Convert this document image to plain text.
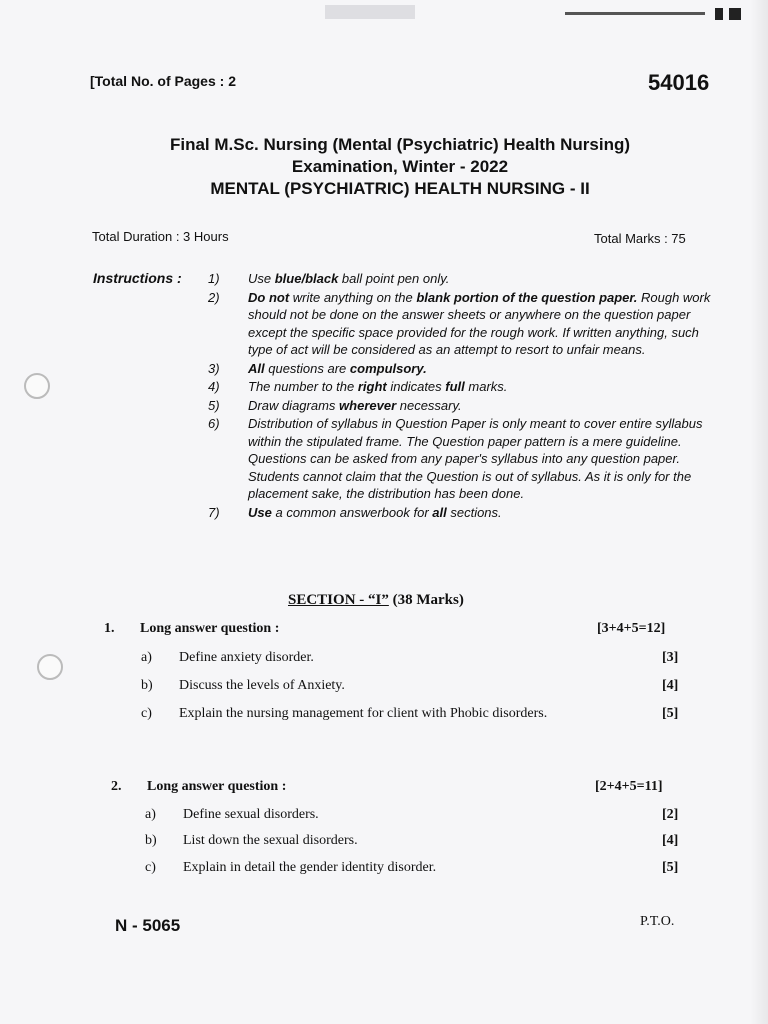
[Total No. of Pages : 2	54016
Final M.Sc. Nursing (Mental (Psychiatric) Health Nursing)
Examination, Winter - 2022
MENTAL (PSYCHIATRIC) HEALTH NURSING - II
Total Duration : 3 Hours	Total Marks : 75
Instructions : 1) Use blue/black ball point pen only.
2) Do not write anything on the blank portion of the question paper. Rough work should not be done on the answer sheets or anywhere on the question paper except the specific space provided for the rough work. If written anything, such type of act will be considered as an attempt to resort to unfair means.
3) All questions are compulsory.
4) The number to the right indicates full marks.
5) Draw diagrams wherever necessary.
6) Distribution of syllabus in Question Paper is only meant to cover entire syllabus within the stipulated frame. The Question paper pattern is a mere guideline. Questions can be asked from any paper's syllabus into any question paper. Students cannot claim that the Question is out of syllabus. As it is only for the placement sake, the distribution has been done.
7) Use a common answerbook for all sections.
SECTION - “I” (38 Marks)
1. Long answer question :	[3+4+5=12]
a) Define anxiety disorder.	[3]
b) Discuss the levels of Anxiety.	[4]
c) Explain the nursing management for client with Phobic disorders.	[5]
2. Long answer question :	[2+4+5=11]
a) Define sexual disorders.	[2]
b) List down the sexual disorders.	[4]
c) Explain in detail the gender identity disorder.	[5]
N - 5065	P.T.O.
